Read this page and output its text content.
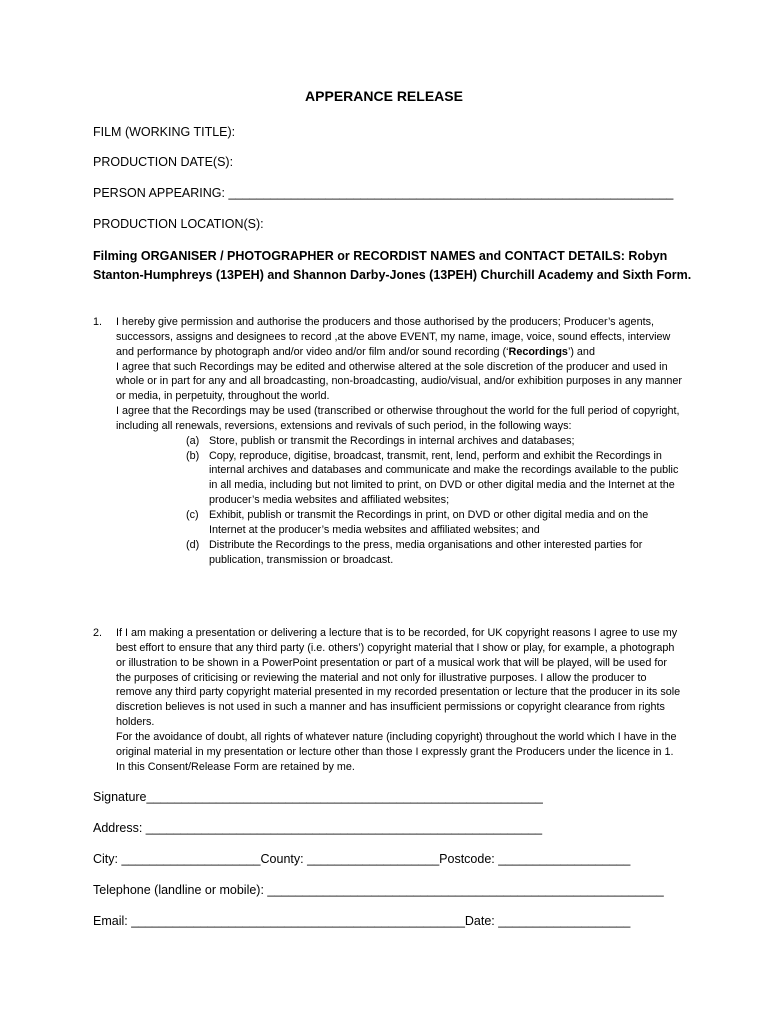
APPERANCE RELEASE
FILM (WORKING TITLE):
PRODUCTION DATE(S):
PERSON APPEARING: ________________________________________________________________
PRODUCTION LOCATION(S):
Filming ORGANISER / PHOTOGRAPHER or RECORDIST NAMES and CONTACT DETAILS: Robyn
Stanton-Humphreys (13PEH) and Shannon Darby-Jones (13PEH) Churchill Academy and Sixth Form.
1.	I hereby give permission and authorise the producers and those authorised by the producers; Producer’s agents, successors, assigns and designees to record ,at the above EVENT, my name, image, voice, sound effects, interview and performance by photograph and/or video and/or film and/or sound recording (‘Recordings’) and
I agree that such Recordings may be edited and otherwise altered at the sole discretion of the producer and used in whole or in part for any and all broadcasting, non-broadcasting, audio/visual, and/or exhibition purposes in any manner or media, in perpetuity, throughout the world.
I agree that the Recordings may be used (transcribed or otherwise throughout the world for the full period of copyright, including all renewals, reversions, extensions and revivals of such period, in the following ways:
(a) Store, publish or transmit the Recordings in internal archives and databases;
(b) Copy, reproduce, digitise, broadcast, transmit, rent, lend, perform and exhibit the Recordings in internal archives and databases and communicate and make the recordings available to the public in all media, including but not limited to print, on DVD or other digital media and the Internet at the producer’s media websites and affiliated websites;
(c) Exhibit, publish or transmit the Recordings in print, on DVD or other digital media and on the Internet at the producer’s media websites and affiliated websites; and
(d) Distribute the Recordings to the press, media organisations and other interested parties for publication, transmission or broadcast.
2.	If I am making a presentation or delivering a lecture that is to be recorded, for UK copyright reasons I agree to use my best effort to ensure that any third party (i.e. others’) copyright material that I show or play, for example, a photograph or illustration to be shown in a PowerPoint presentation or part of a musical work that will be played, will be used for the purposes of criticising or reviewing the material and not only for illustrative purposes. I allow the producer to remove any third party copyright material presented in my recorded presentation or lecture that the producer in its sole discretion believes is not used in such a manner and has insufficient permissions or copyright clearance from rights holders.
For the avoidance of doubt, all rights of whatever nature (including copyright) throughout the world which I have in the original material in my presentation or lecture other than those I expressly grant the Producers under the licence in 1. In this Consent/Release Form are retained by me.
Signature_________________________________________________________
Address: _________________________________________________________
City: ____________________County: ___________________Postcode: ___________________
Telephone (landline or mobile): _________________________________________________________
Email: ________________________________________________Date: ___________________
